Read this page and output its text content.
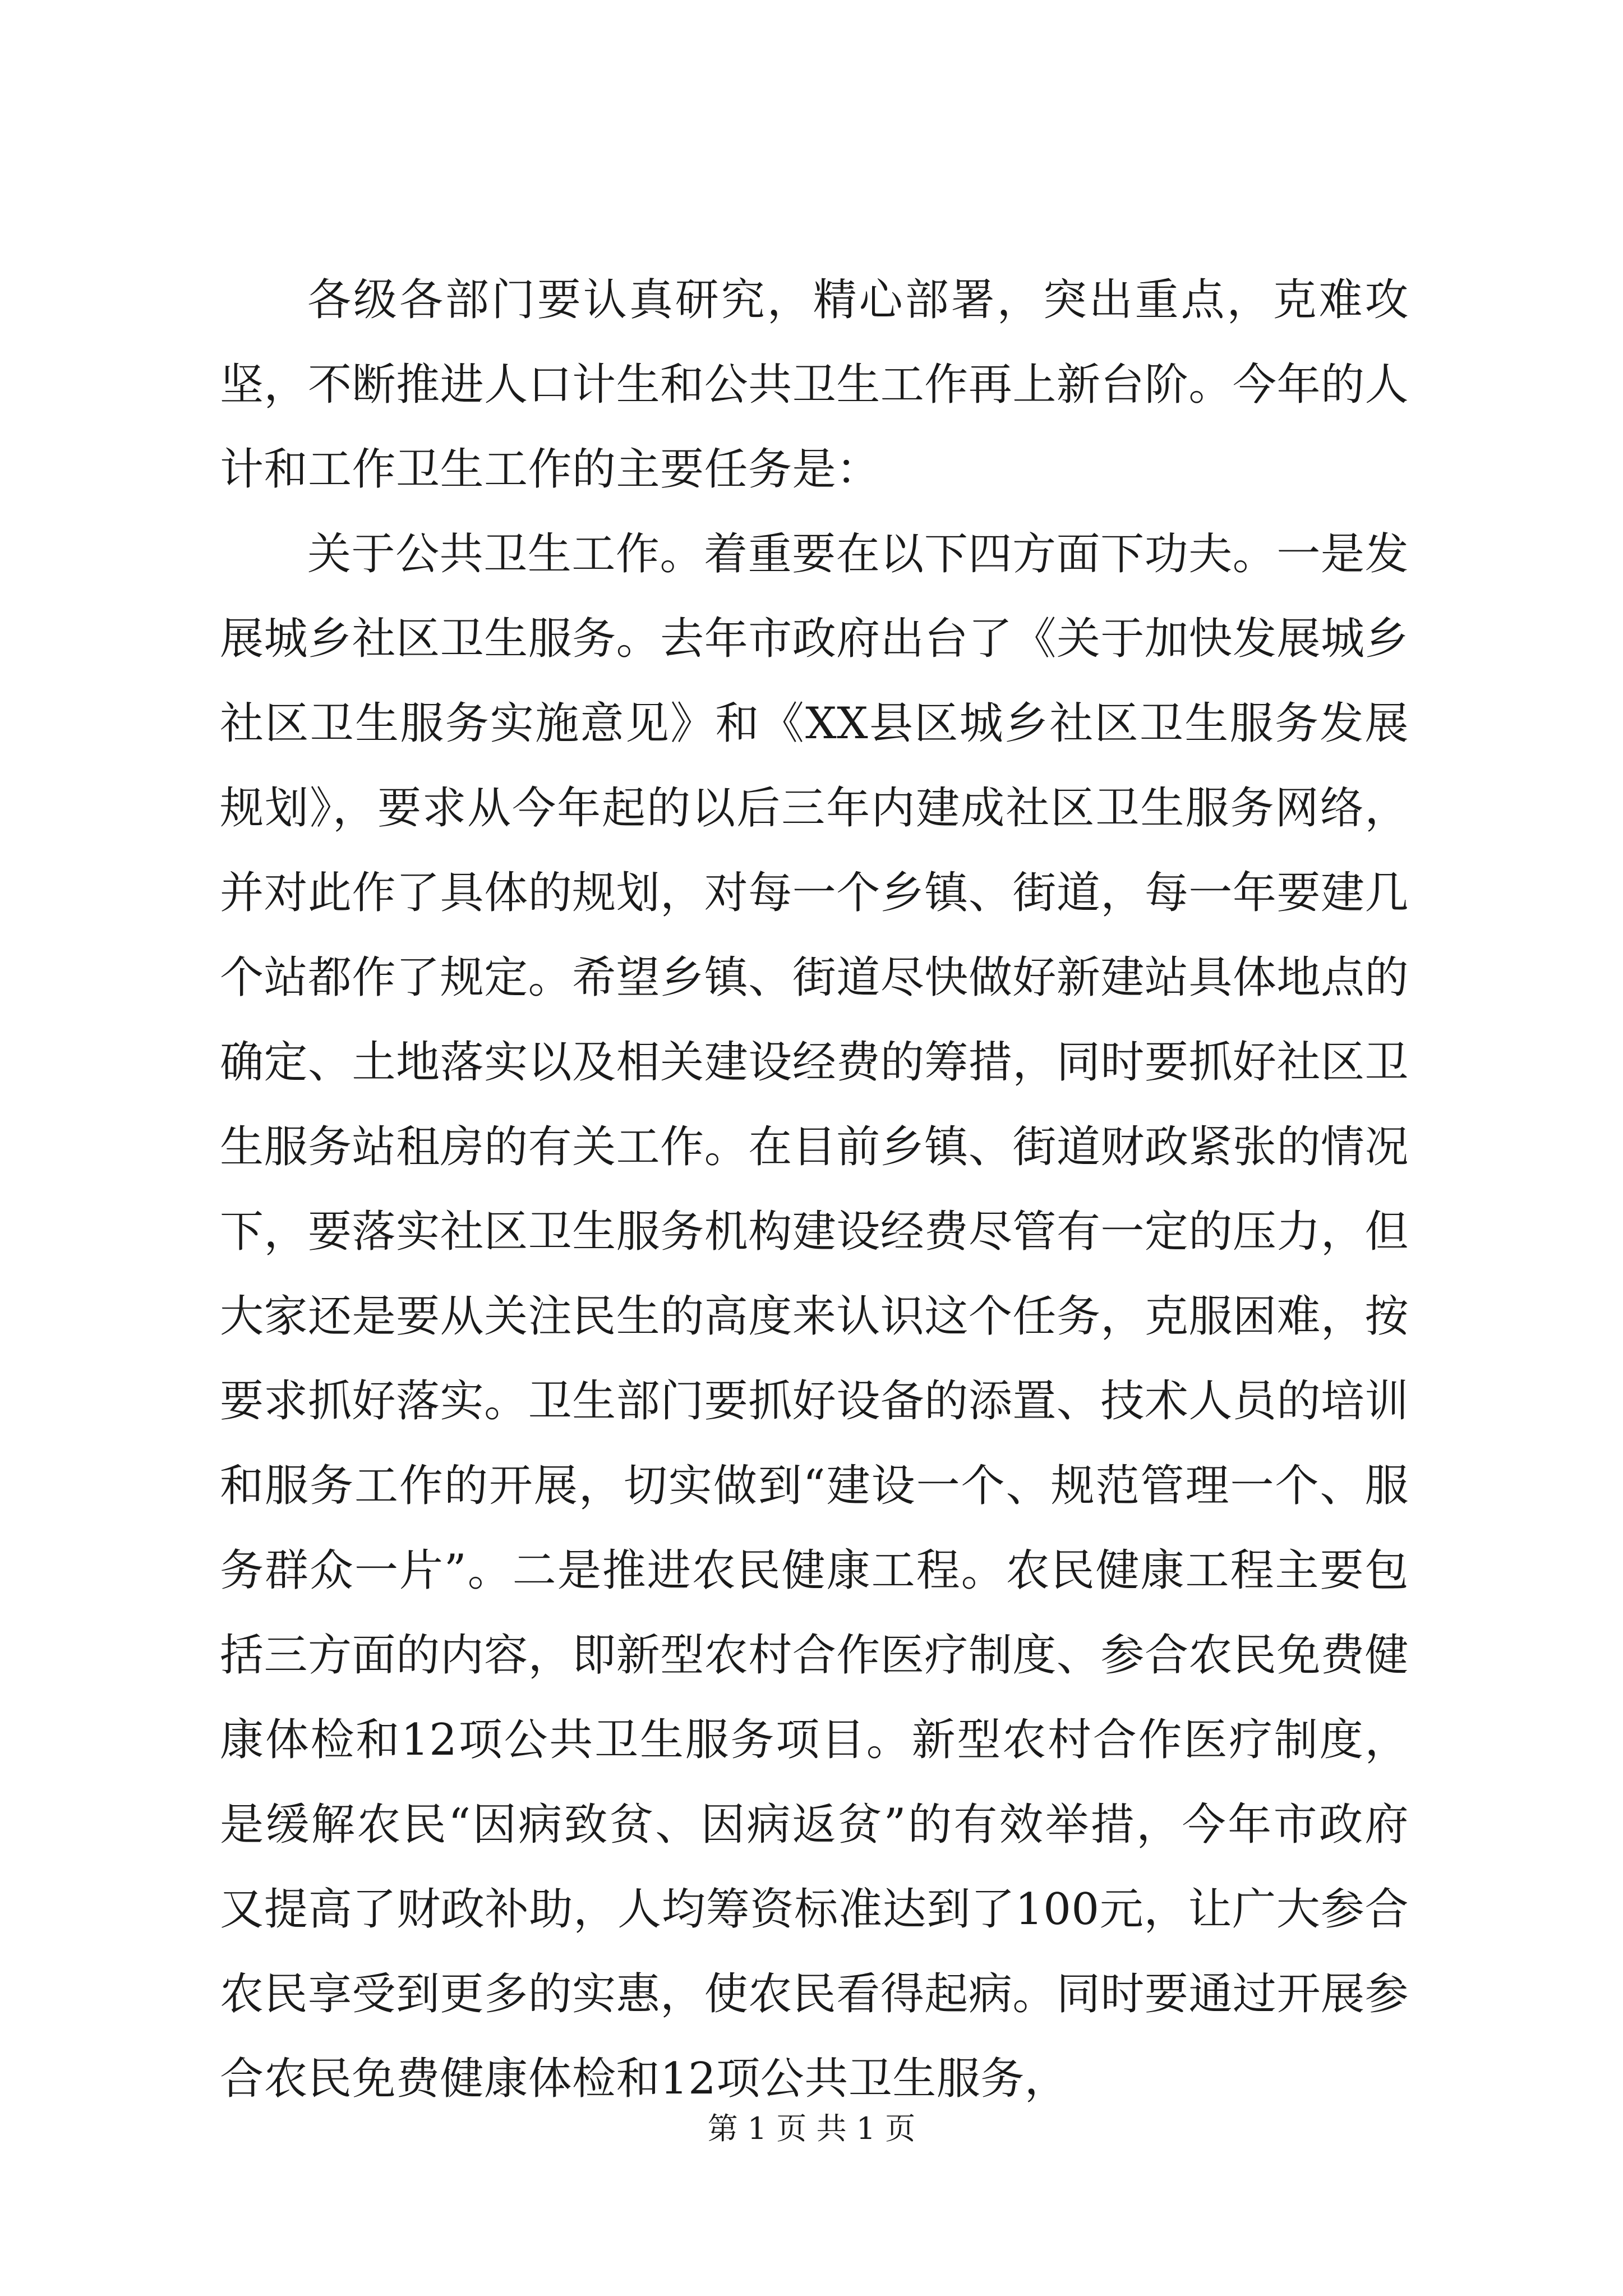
各级各部门要认真研究，精心部署，突出重点，克难攻坚，不断推进人口计生和公共卫生工作再上新台阶。今年的人计和工作卫生工作的主要任务是：

关于公共卫生工作。着重要在以下四方面下功夫。一是发展城乡社区卫生服务。去年市政府出台了《关于加快发展城乡社区卫生服务实施意见》和《XX县区城乡社区卫生服务发展规划》，要求从今年起的以后三年内建成社区卫生服务网络，并对此作了具体的规划，对每一个乡镇、街道，每一年要建几个站都作了规定。希望乡镇、街道尽快做好新建站具体地点的确定、土地落实以及相关建设经费的筹措，同时要抓好社区卫生服务站租房的有关工作。在目前乡镇、街道财政紧张的情况下，要落实社区卫生服务机构建设经费尽管有一定的压力，但大家还是要从关注民生的高度来认识这个任务，克服困难，按要求抓好落实。卫生部门要抓好设备的添置、技术人员的培训和服务工作的开展，切实做到“建设一个、规范管理一个、服务群众一片”。二是推进农民健康工程。农民健康工程主要包括三方面的内容，即新型农村合作医疗制度、参合农民免费健康体检和12项公共卫生服务项目。新型农村合作医疗制度，是缓解农民“因病致贫、因病返贫”的有效举措，今年市政府又提高了财政补助，人均筹资标准达到了100元，让广大参合农民享受到更多的实惠，使农民看得起病。同时要通过开展参合农民免费健康体检和12项公共卫生服务，

第 1 页 共 1 页
